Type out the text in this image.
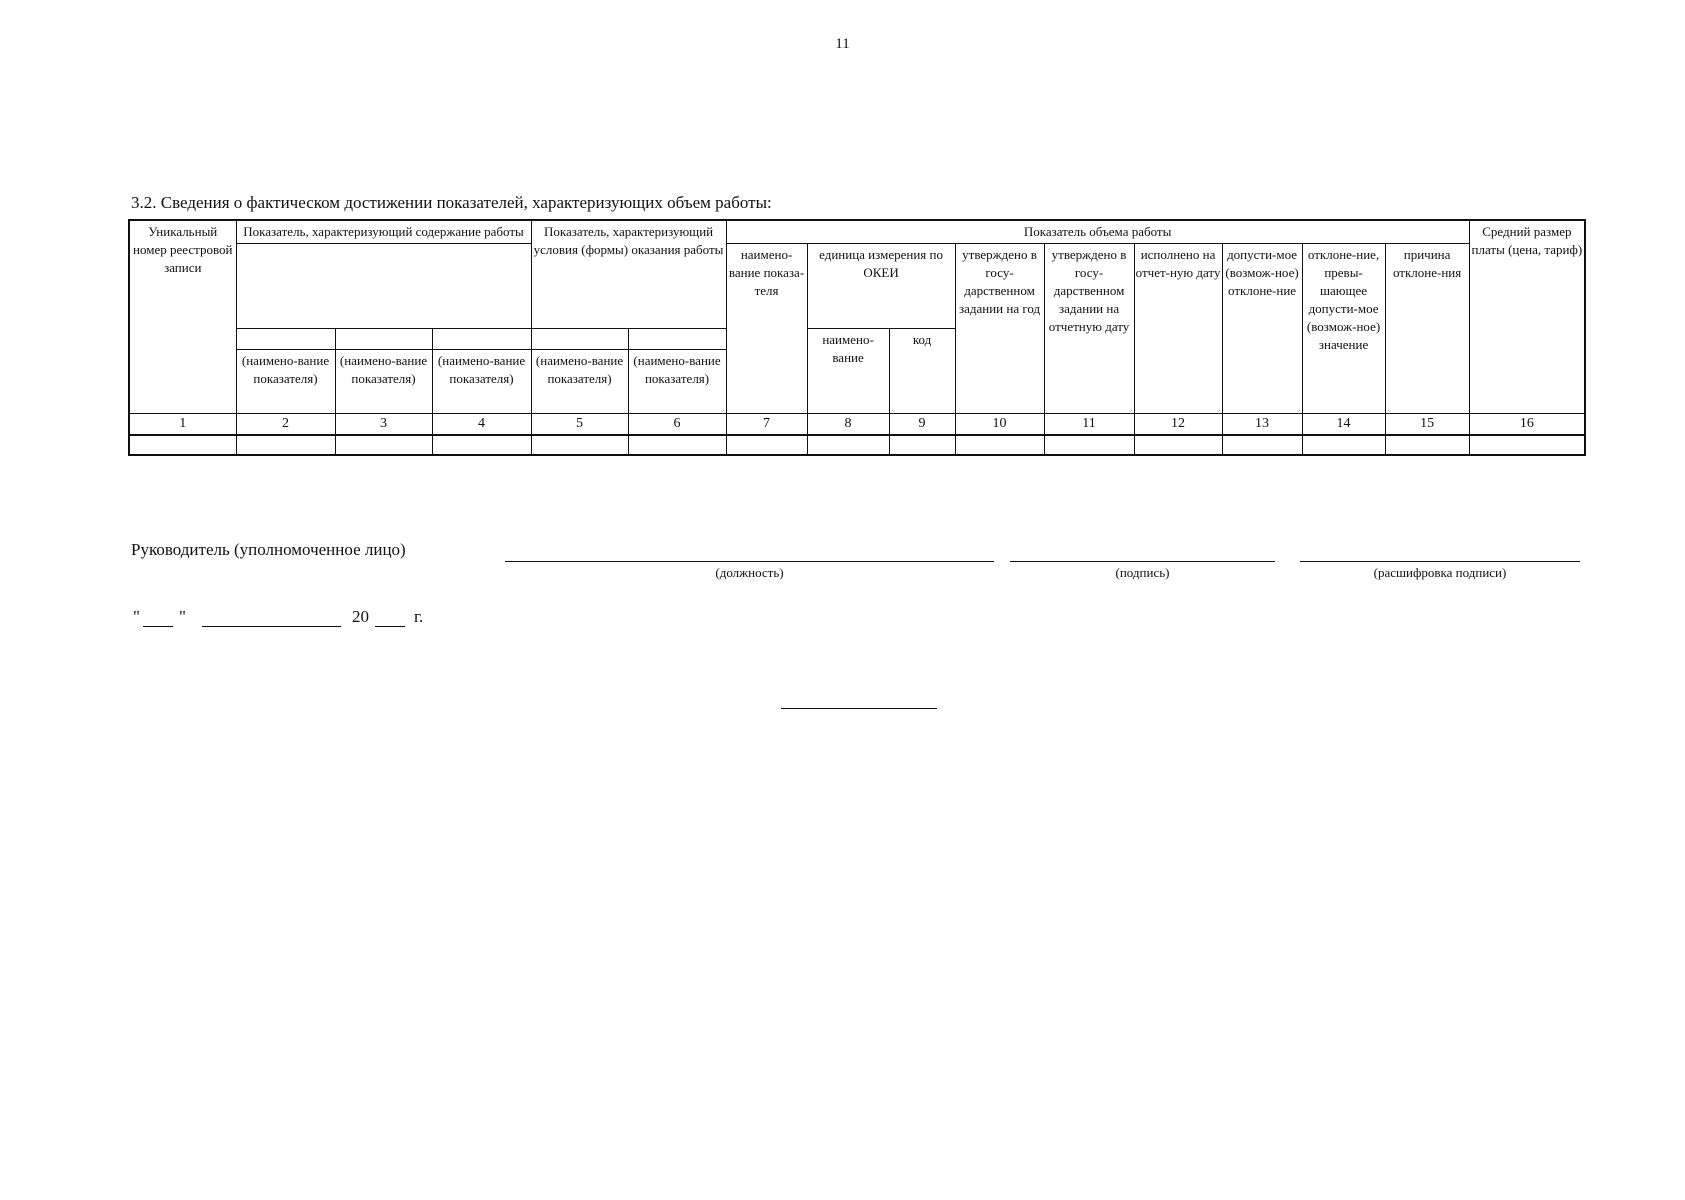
11
3.2. Сведения о фактическом достижении показателей, характеризующих объем работы:
Уникальный номер реестровой записи	Показатель, характеризующий содержание работы			Показатель, характеризующий условия (формы) оказания работы		Показатель объема работы									Средний размер платы (цена, тариф)
						наимено-вание показа-теля	единица измерения по ОКЕИ		утверждено в госу-дарственном задании на год	утверждено в госу-дарственном задании на отчетную дату	исполнено на отчет-ную дату	допусти-мое (возмож-ное) отклоне-ние	отклоне-ние, превы-шающее допусти-мое (возмож-ное) значение	причина отклоне-ния	
							наимено-вание	код							
	(наимено-вание показателя)	(наимено-вание показателя)	(наимено-вание показателя)	(наимено-вание показателя)	(наимено-вание показателя)										
1	2	3	4	5	6	7	8	9	10	11	12	13	14	15	16

Руководитель (уполномоченное лицо)
(должность)	(подпись)	(расшифровка подписи)
" "	20	г.
